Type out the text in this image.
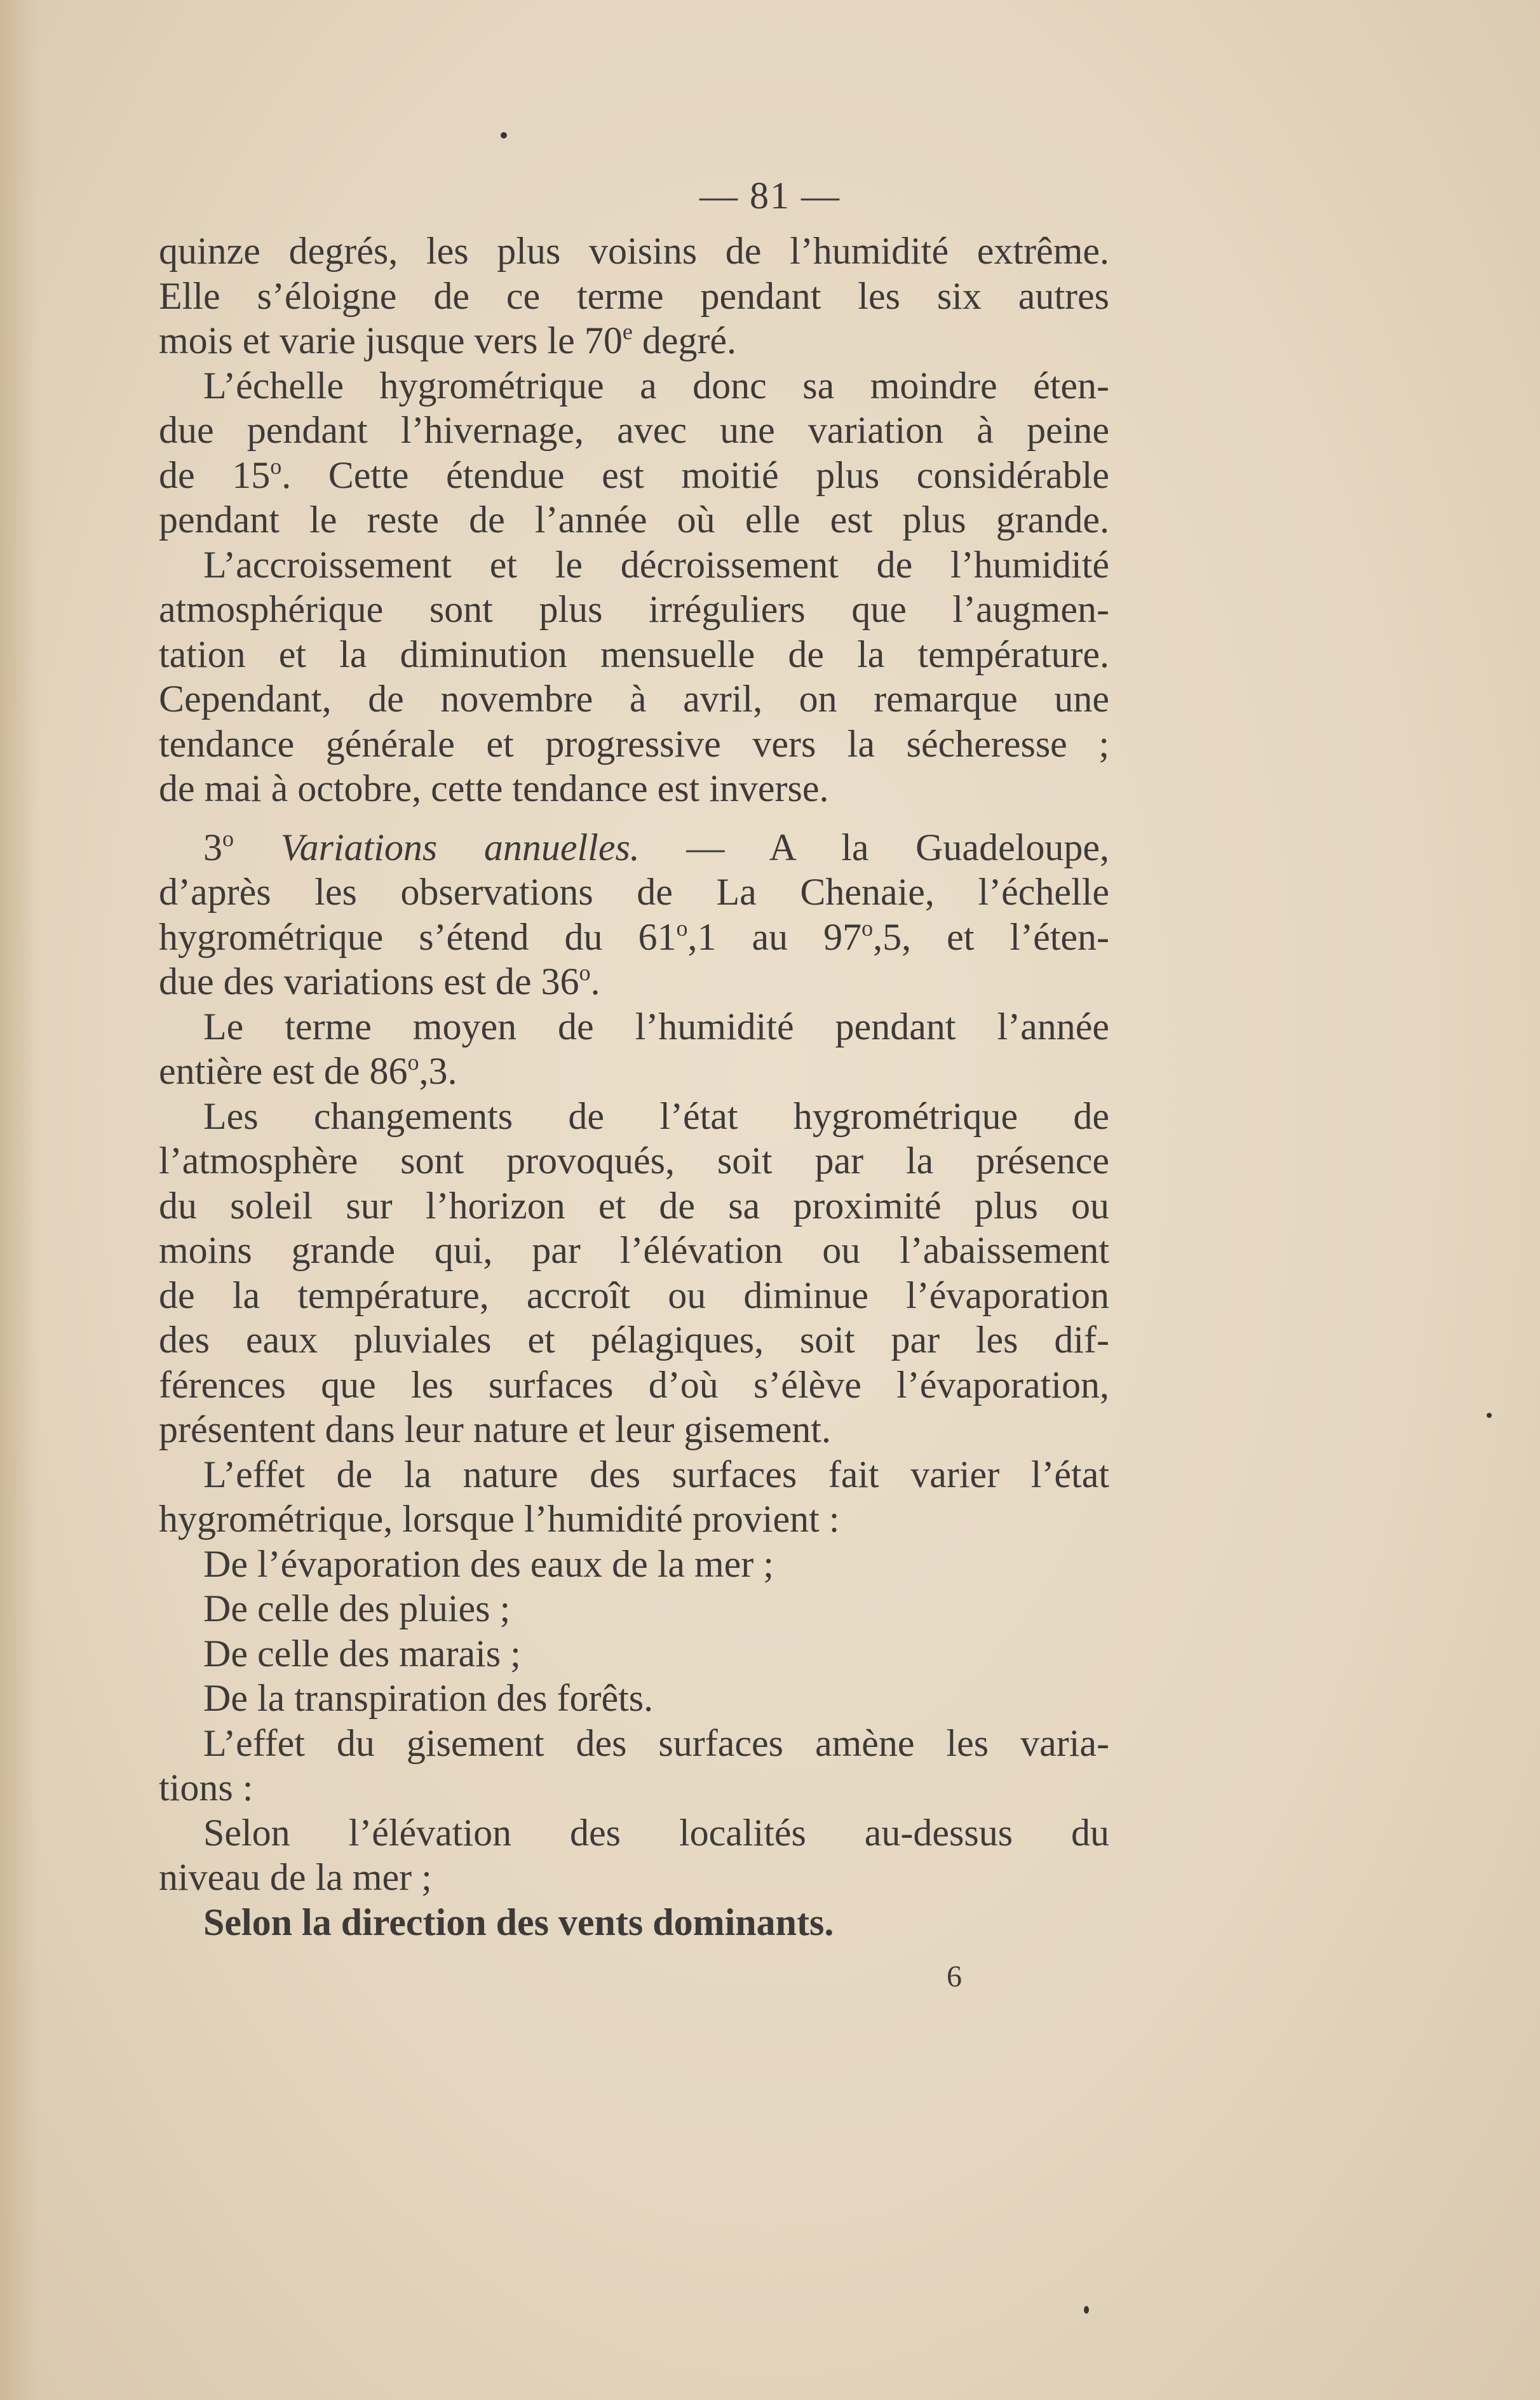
— 81 —
quinze degrés, les plus voisins de l’humidité extrême.
Elle s’éloigne de ce terme pendant les six autres
mois et varie jusque vers le 70e degré.
L’échelle hygrométrique a donc sa moindre éten-
due pendant l’hivernage, avec une variation à peine
de 15$^o$. Cette étendue est moitié plus considérable
pendant le reste de l’année où elle est plus grande.
L’accroissement et le décroissement de l’humidité
atmosphérique sont plus irréguliers que l’augmen-
tation et la diminution mensuelle de la température.
Cependant, de novembre à avril, on remarque une
tendance générale et progressive vers la sécheresse ;
de mai à octobre, cette tendance est inverse.
3$^o$ Variations annuelles. — A la Guadeloupe,
d’après les observations de La Chenaie, l’échelle
hygrométrique s’étend du 61$^o$,1 au 97$^o$,5, et l’éten-
due des variations est de 36$^o$.
Le terme moyen de l’humidité pendant l’année
entière est de 86$^o$,3.
Les changements de l’état hygrométrique de
l’atmosphère sont provoqués, soit par la présence
du soleil sur l’horizon et de sa proximité plus ou
moins grande qui, par l’élévation ou l’abaissement
de la température, accroît ou diminue l’évaporation
des eaux pluviales et pélagiques, soit par les dif-
férences que les surfaces d’où s’élève l’évaporation,
présentent dans leur nature et leur gisement.
L’effet de la nature des surfaces fait varier l’état
hygrométrique, lorsque l’humidité provient :
De l’évaporation des eaux de la mer ;
De celle des pluies ;
De celle des marais ;
De la transpiration des forêts.
L’effet du gisement des surfaces amène les varia-
tions :
Selon l’élévation des localités au-dessus du
niveau de la mer ;
Selon la direction des vents dominants.
6
